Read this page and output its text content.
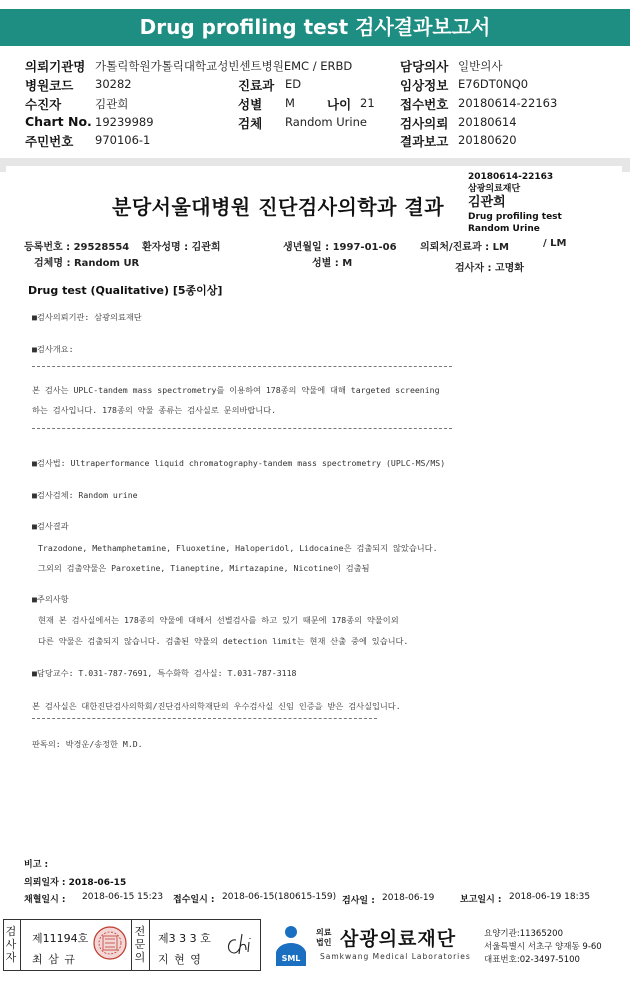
Drug profiling test 검사결과보고서
의뢰기관명 가톨릭학원가톨릭대학교성빈센트병원EMC / ERBD	담당의사 일반의사
병원코드 30282	진료과 ED	임상정보 E76DT0NQ0
수진자	김관희	성별 M	나이 21 접수번호 20180614-22163
Chart No. 19239989	검체 Random Urine	검사의뢰 20180614
주민번호 970106-1	결과보고 20180620
분당서울대병원 진단검사의학과 결과
20180614-22163
삼광의료재단
김관희
Drug profiling test
Random Urine
등록번호 : 29528554 환자성명 : 김관희	생년월일 : 1997-01-06 의뢰처/진료과 : LM	/ LM
검체명 : Random UR	성별 : M	검사자 : 고명화
Drug test (Qualitative) [5종이상]
■검사의뢰기관: 삼광의료재단
■검사개요:
본 검사는 UPLC-tandem mass spectrometry를 이용하여 178종의 약물에 대해 targeted screening
하는 검사입니다. 178종의 약물 종류는 검사실로 문의바랍니다.
■검사법: Ultraperformance liquid chromatography-tandem mass spectrometry (UPLC-MS/MS)
■검사검체: Random urine
■검사결과
Trazodone, Methamphetamine, Fluoxetine, Haloperidol, Lidocaine은 검출되지 않았습니다.
그외의 검출약물은 Paroxetine, Tianeptine, Mirtazapine, Nicotine이 검출됨
■주의사항
현재 본 검사실에서는 178종의 약물에 대해서 선별검사를 하고 있기 때문에 178종의 약물이외
다른 약물은 검출되지 않습니다. 검출된 약물의 detection limit는 현재 산출 중에 있습니다.
■담당교수: T.031-787-7691, 특수화학 검사실: T.031-787-3118
본 검사실은 대한진단검사의학회/진단검사의학재단의 우수검사실 신임 인증을 받은 검사실입니다.
판독의: 박경운/송정한 M.D.
비고 :
의뢰일자 : 2018-06-15
채혈일시 : 2018-06-15 15:23 접수일시 : 2018-06-15(180615-159) 검사일 : 2018-06-19	보고일시 : 2018-06-19 18:35
검사자
제11194호
최 삼 규
전문의
제3 3 3 호
지 현 영	SML
의료법인 삼광의료재단
Samkwang Medical Laboratories
요양기관:11365200
서울특별시 서초구 양재동 9-60
대표번호:02-3497-5100
